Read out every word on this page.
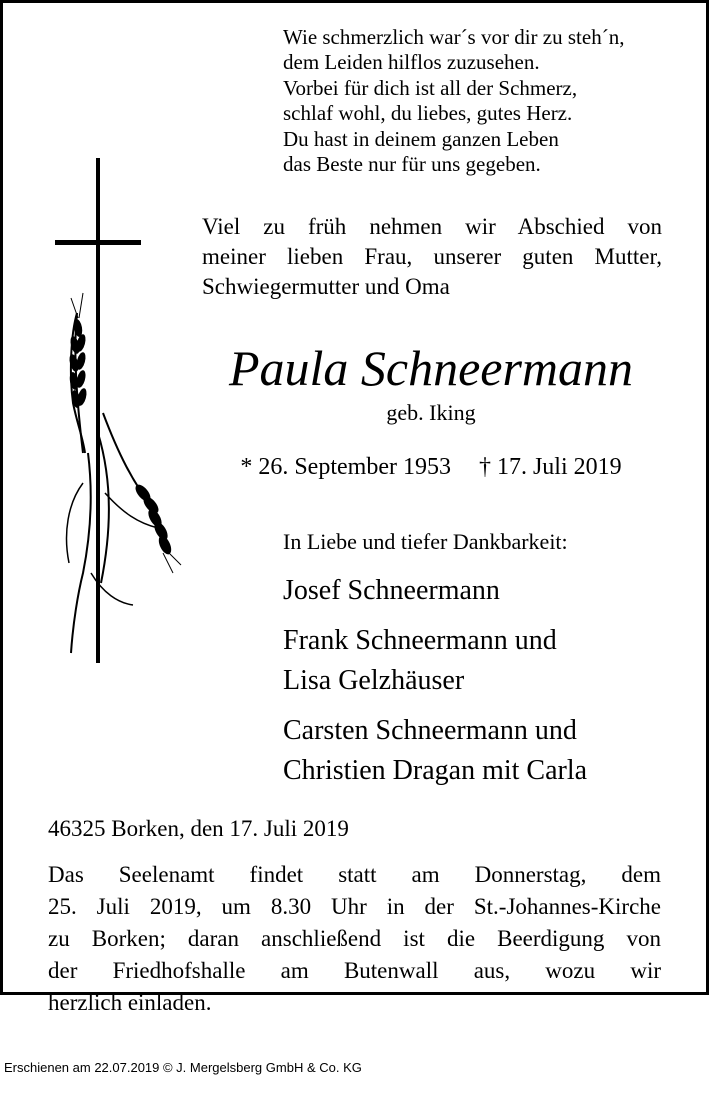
Wie schmerzlich war´s vor dir zu steh´n,
dem Leiden hilflos zuzusehen.
Vorbei für dich ist all der Schmerz,
schlaf wohl, du liebes, gutes Herz.
Du hast in deinem ganzen Leben
das Beste nur für uns gegeben.
Viel zu früh nehmen wir Abschied von
meiner lieben Frau, unserer guten Mutter,
Schwiegermutter und Oma
Paula Schneermann
geb. Iking
* 26. September 1953 † 17. Juli 2019
In Liebe und tiefer Dankbarkeit:
Josef Schneermann
Frank Schneermann und
Lisa Gelzhäuser
Carsten Schneermann und
Christien Dragan mit Carla
46325 Borken, den 17. Juli 2019
Das Seelenamt findet statt am Donnerstag, dem
25. Juli 2019, um 8.30 Uhr in der St.-Johannes-Kirche
zu Borken; daran anschließend ist die Beerdigung von
der Friedhofshalle am Butenwall aus, wozu wir
herzlich einladen.

Erschienen am 22.07.2019 © J. Mergelsberg GmbH & Co. KG
